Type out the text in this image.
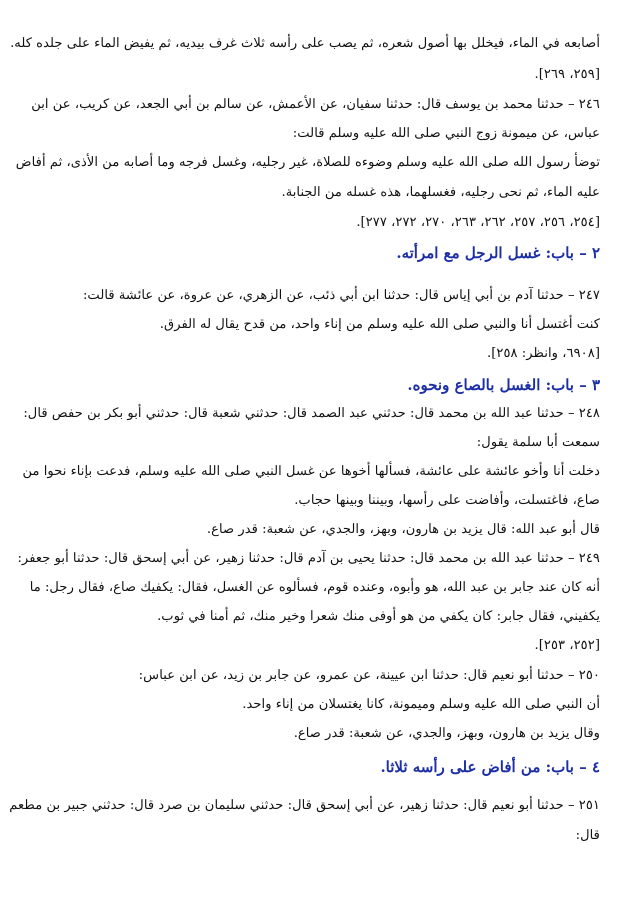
أصابعه في الماء، فيخلل بها أصول شعره، ثم يصب على رأسه ثلاث غرف بيديه، ثم يفيض الماء على جلده كله.
[٢٥٩، ٢٦٩].
٢٤٦ – حدثنا محمد بن يوسف قال: حدثنا سفيان، عن الأعمش، عن سالم بن أبي الجعد، عن كريب، عن ابن
عباس، عن ميمونة زوج النبي صلى الله عليه وسلم قالت:
توضأ رسول الله صلى الله عليه وسلم وضوءه للصلاة، غير رجليه، وغسل فرجه وما أصابه من الأذى، ثم أفاض
عليه الماء، ثم نحى رجليه، فغسلهما، هذه غسله من الجنابة.
[٢٥٤، ٢٥٦، ٢٥٧، ٢٦٢، ٢٦٣، ٢٧٠، ٢٧٢، ٢٧٧].
٢ – باب: غسل الرجل مع امرأته.
٢٤٧ – حدثنا آدم بن أبي إياس قال: حدثنا ابن أبي ذئب، عن الزهري، عن عروة، عن عائشة قالت:
كنت أغتسل أنا والنبي صلى الله عليه وسلم من إناء واحد، من قدح يقال له الفرق.
[٦٩٠٨، وانظر: ٢٥٨].
٣ – باب: الغسل بالصاع ونحوه.
٢٤٨ – حدثنا عبد الله بن محمد قال: حدثني عبد الصمد قال: حدثني شعبة قال: حدثني أبو بكر بن حفص قال:
سمعت أبا سلمة يقول:
دخلت أنا وأخو عائشة على عائشة، فسألها أخوها عن غسل النبي صلى الله عليه وسلم، فدعت بإناء نحوا من
صاع، فاغتسلت، وأفاضت على رأسها، وبيننا وبينها حجاب.
قال أبو عبد الله: قال يزيد بن هارون، وبهز، والجدي، عن شعبة: قدر صاع.
٢٤٩ – حدثنا عبد الله بن محمد قال: حدثنا يحيى بن آدم قال: حدثنا زهير، عن أبي إسحق قال: حدثنا أبو جعفر:
أنه كان عند جابر بن عبد الله، هو وأبوه، وعنده قوم، فسألوه عن الغسل، فقال: يكفيك صاع، فقال رجل: ما
يكفيني، فقال جابر: كان يكفي من هو أوفى منك شعرا وخير منك، ثم أمنا في ثوب.
[٢٥٢، ٢٥٣].
٢٥٠ – حدثنا أبو نعيم قال: حدثنا ابن عيينة، عن عمرو، عن جابر بن زيد، عن ابن عباس:
أن النبي صلى الله عليه وسلم وميمونة، كانا يغتسلان من إناء واحد.
وقال يزيد بن هارون، وبهز، والجدي، عن شعبة: قدر صاع.
٤ – باب: من أفاض على رأسه ثلاثا.
٢٥١ – حدثنا أبو نعيم قال: حدثنا زهير، عن أبي إسحق قال: حدثني سليمان بن صرد قال: حدثني جبير بن مطعم
قال:
